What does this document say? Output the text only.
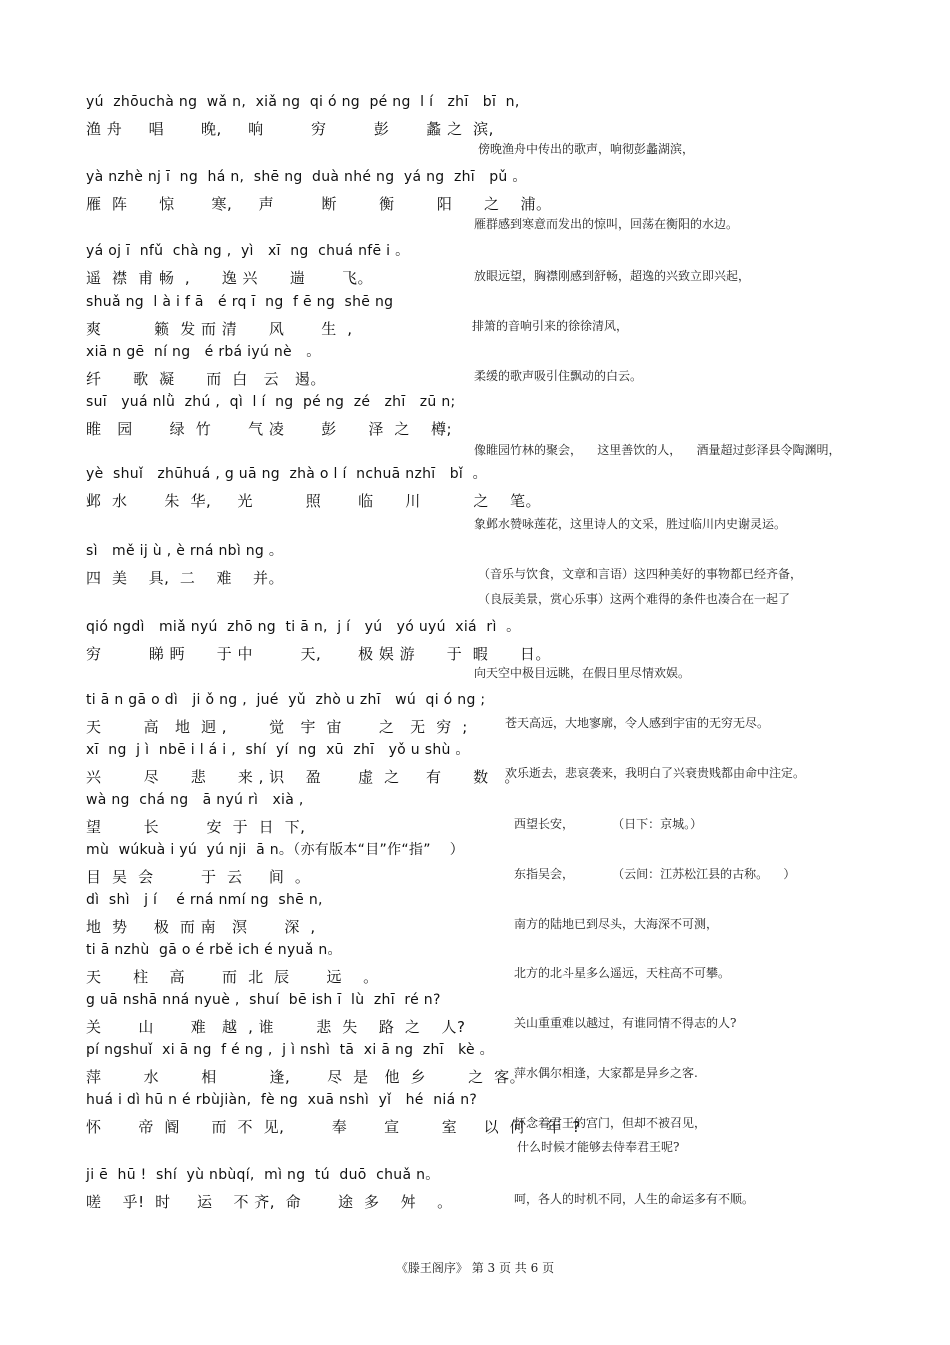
yú  zhōuchà ng  wǎ n,  xiǎ ng  qi ó ng  pé ng  l í   zhī   bī  n,
渔 舟     唱       晚,     响         穷         彭       蠡 之  滨,
傍晚渔舟中传出的歌声，响彻彭蠡湖滨，
yà nzhè nj ī  ng  há n,  shē ng  duà nhé ng  yá ng  zhī   pǔ 。
雁  阵      惊       寒,     声         断        衡        阳      之    浦。
雁群感到寒意而发出的惊叫，回荡在衡阳的水边。
yá oj ī  nfǔ  chà ng ,  yì   xī  ng  chuá nfē i 。
遥  襟  甫 畅  ,      逸 兴      遄       飞。	放眼远望，胸襟刚感到舒畅，超逸的兴致立即兴起，
shuǎ ng  l à i f ā   é rq ī  ng  f ē ng  shē ng
爽          籁  发 而 清      风       生  ,	排箫的音响引来的徐徐清风，
xiā n gē  ní ng   é rbá iyú nè   。
纤      歌  凝      而  白   云   遏。	柔缓的歌声吸引住飘动的白云。
suī   yuá nlǜ  zhú ,  qì  l í  ng  pé ng  zé   zhī   zū n;
睢   园       绿  竹       气 凌       彭      泽  之    樽;
像睢园竹林的聚会，    这里善饮的人，    酒量超过彭泽县令陶渊明，
yè  shuǐ   zhūhuá , g uā ng  zhà o l í  nchuā nzhī   bǐ  。
邺  水       朱  华,     光          照       临      川          之    笔。
象邺水赞咏莲花，这里诗人的文采，胜过临川内史谢灵运。
sì   mě ij ù , è rná nbì ng 。
四  美    具,  二    难    并。	（音乐与饮食，文章和言语）这四种美好的事物都已经齐备，
（良辰美景，赏心乐事）这两个难得的条件也凑合在一起了
qió ngdì   miǎ nyú  zhō ng  ti ā n,  j í   yú   yó uyú  xiá  rì  。
穷         睇 眄      于 中         天,       极 娱 游      于  暇      日。
向天空中极目远眺，在假日里尽情欢娱。
ti ā n gā o dì   ji ǒ ng ,  jué  yǔ  zhò u zhī   wú  qi ó ng ;
天        高   地  迥 ,        觉   宇  宙       之   无  穷  ;	苍天高远，大地寥廓，令人感到宇宙的无穷无尽。
xī  ng  j ì  nbē i l á i ,  shí  yí  ng  xū  zhī   yǒ u shù 。
兴        尽      悲      来 , 识    盈       虚  之     有      数   。
欢乐逝去，悲哀袭来，我明白了兴衰贵贱都由命中注定。
wà ng  chá ng   ā nyú rì   xià ,
望        长         安  于  日  下,	西望长安，          （日下：京城。）
mù  wúkuà i yú  yú nji  ā n。（亦有版本“目”作“指”    ）
目  吴  会         于  云     间  。	东指吴会，          （云间：江苏松江县的古称。    ）
dì  shì   j í    é rná nmí ng  shē n,
地  势     极  而 南   溟       深  ,	南方的陆地已到尽头，大海深不可测，
ti ā nzhù  gā o é rbě ich é nyuǎ n。
天      柱    高       而  北  辰       远    。	北方的北斗星多么遥远，天柱高不可攀。
g uā nshā nná nyuè ,  shuí  bē ish ī  lù  zhī  ré n?
关       山       难   越  , 谁        悲  失    路  之    人?	关山重重难以越过，有谁同情不得志的人?
pí ngshuǐ  xi ā ng  f é ng ,  j ì nshì  tā  xi ā ng  zhī   kè 。
萍        水        相          逢,       尽  是   他  乡        之  客。
萍水偶尔相逢，大家都是异乡之客.
huá i dì hū n é rbùjiàn,  fè ng  xuā nshì  yǐ   hé  niá n?
怀       帝  阍      而  不  见,         奉       宣        室     以  何    年  ?
怀念着君王的宫门，但却不被召见，
什么时候才能够去侍奉君王呢?
ji ē  hū !  shí  yù nbùqí,  mì ng  tú  duō  chuǎ n。
嗟    乎!  时     运    不 齐,  命       途  多    舛    。	呵，各人的时机不同，人生的命运多有不顺。
《滕王阁序》 第 3 页 共 6 页
